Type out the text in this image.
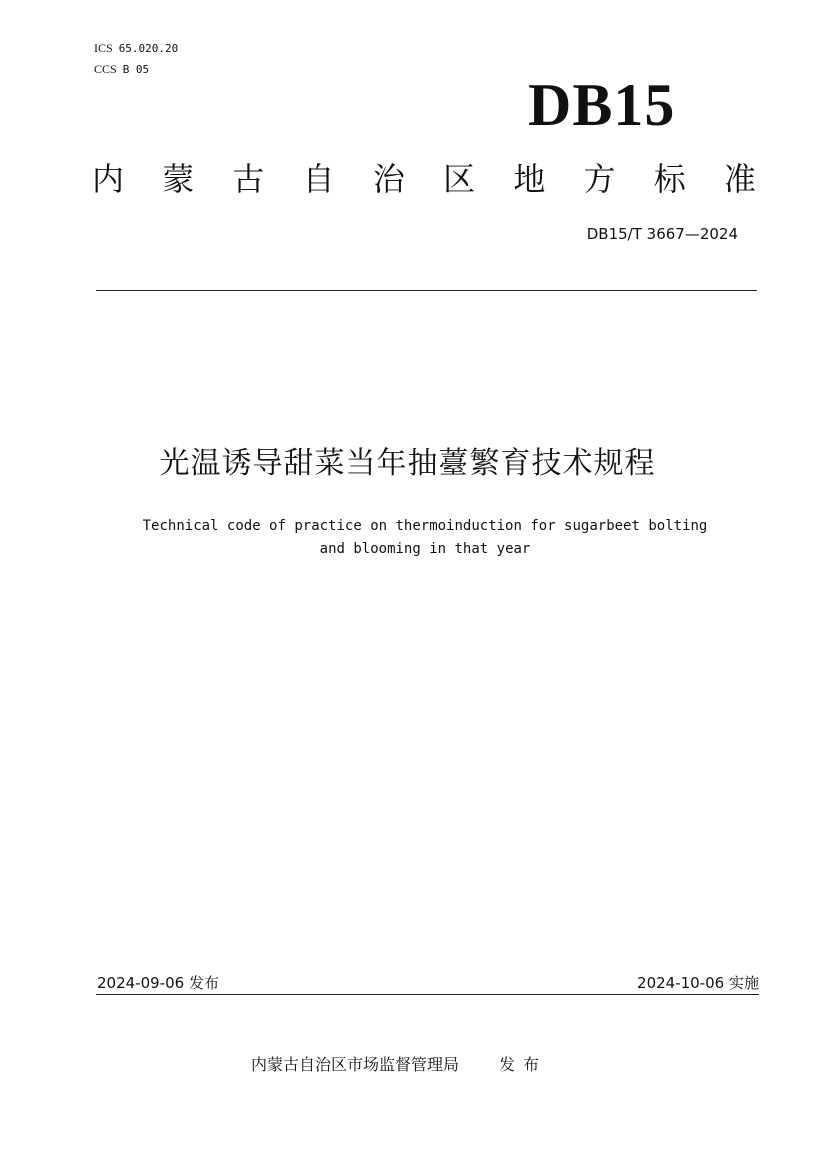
ICS 65.020.20
CCS B 05
DB15
内 蒙 古 自 治 区 地 方 标 准
DB15/T 3667—2024
光温诱导甜菜当年抽薹繁育技术规程
Technical code of practice on thermoinduction for sugarbeet bolting
and blooming in that year
2024-09-06 发布	2024-10-06 实施
内蒙古自治区市场监督管理局	发布
